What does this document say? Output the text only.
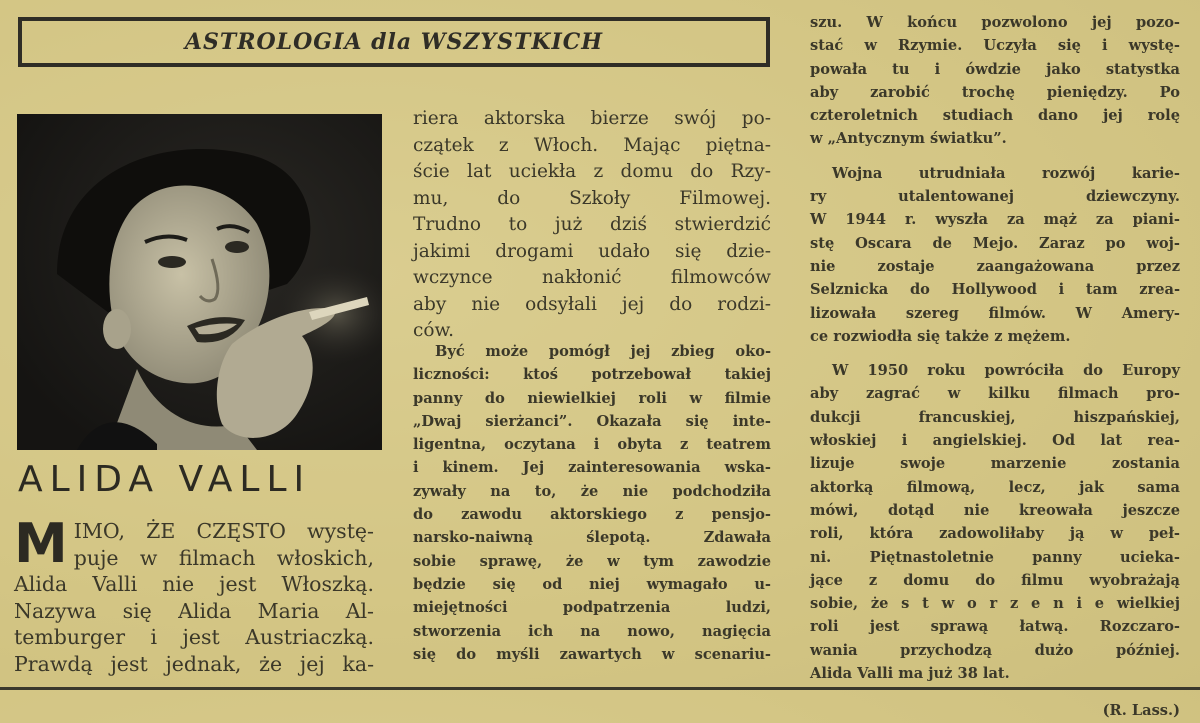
ASTROLOGIA dla WSZYSTKICH
ALIDA VALLI
M IMO, ŻE CZĘSTO wystę-
puje w filmach włoskich,
Alida Valli nie jest Włoszką.
Nazywa się Alida Maria Al-
temburger i jest Austriaczką.
Prawdą jest jednak, że jej ka-
riera aktorska bierze swój po-
czątek z Włoch. Mając piętna-
ście lat uciekła z domu do Rzy-
mu, do Szkoły Filmowej.
Trudno to już dziś stwierdzić
jakimi drogami udało się dzie-
wczynce nakłonić filmowców
aby nie odsyłali jej do rodzi-
ców.
Być może pomógł jej zbieg oko-
liczności: ktoś potrzebował takiej
panny do niewielkiej roli w filmie
„Dwaj sierżanci”. Okazała się inte-
ligentna, oczytana i obyta z teatrem
i kinem. Jej zainteresowania wska-
zywały na to, że nie podchodziła
do zawodu aktorskiego z pensjo-
narsko-naiwną ślepotą. Zdawała
sobie sprawę, że w tym zawodzie
będzie się od niej wymagało u-
miejętności podpatrzenia ludzi,
stworzenia ich na nowo, nagięcia
się do myśli zawartych w scenariu-
szu. W końcu pozwolono jej pozo-
stać w Rzymie. Uczyła się i wystę-
powała tu i ówdzie jako statystka
aby zarobić trochę pieniędzy. Po
czteroletnich studiach dano jej rolę
w „Antycznym światku”.
Wojna utrudniała rozwój karie-
ry utalentowanej dziewczyny.
W 1944 r. wyszła za mąż za piani-
stę Oscara de Mejo. Zaraz po woj-
nie zostaje zaangażowana przez
Selznicka do Hollywood i tam zrea-
lizowała szereg filmów. W Amery-
ce rozwiodła się także z mężem.
W 1950 roku powróciła do Europy
aby zagrać w kilku filmach pro-
dukcji francuskiej, hiszpańskiej,
włoskiej i angielskiej. Od lat rea-
lizuje swoje marzenie zostania
aktorką filmową, lecz, jak sama
mówi, dotąd nie kreowała jeszcze
roli, która zadowoliłaby ją w peł-
ni. Piętnastoletnie panny ucieka-
jące z domu do filmu wyobrażają
sobie, że s t w o r z e n i e wielkiej
roli jest sprawą łatwą. Rozczaro-
wania przychodzą dużo później.
Alida Valli ma już 38 lat.

(R. Lass.)
